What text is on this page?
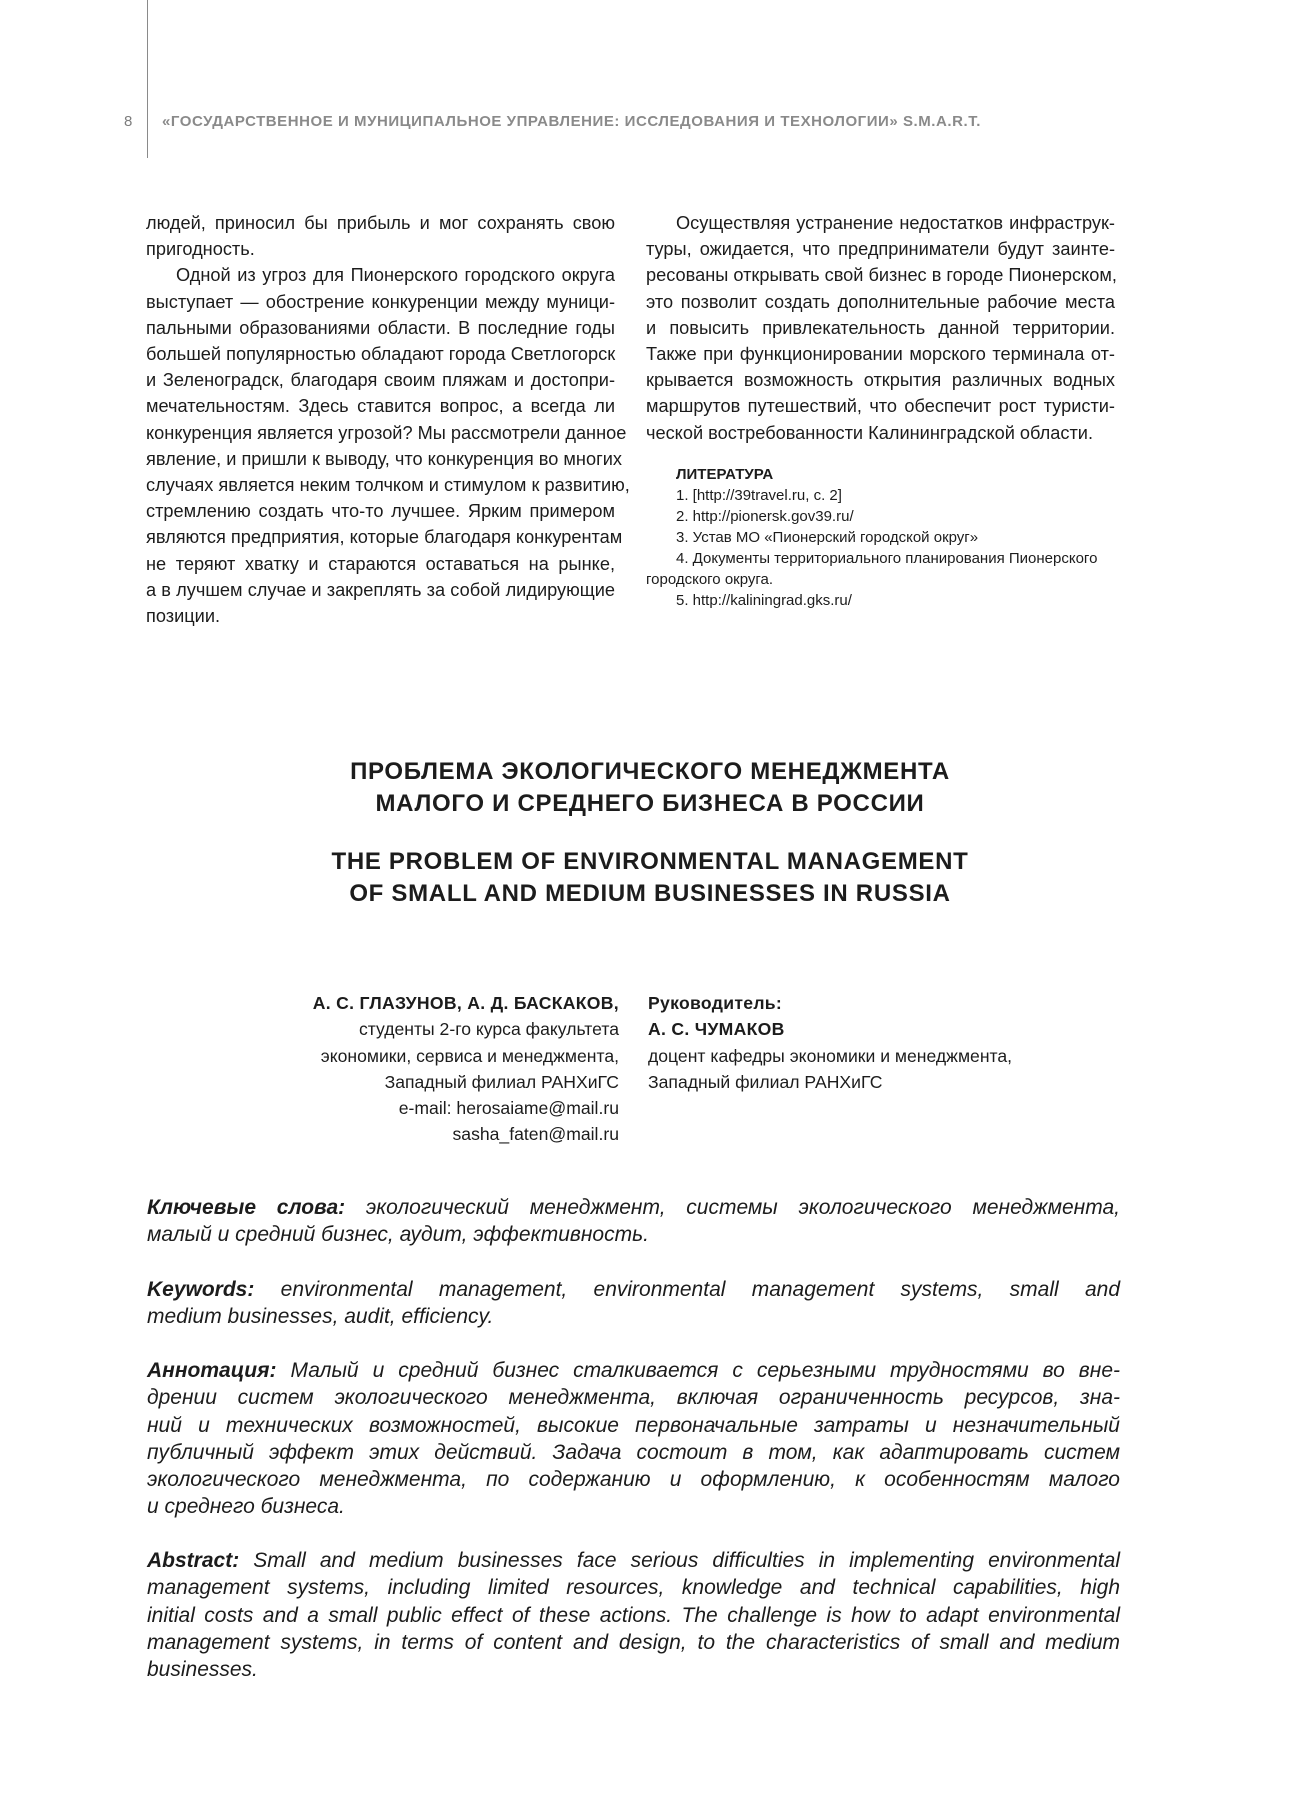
8 «ГОСУДАРСТВЕННОЕ И МУНИЦИПАЛЬНОЕ УПРАВЛЕНИЕ: ИССЛЕДОВАНИЯ И ТЕХНОЛОГИИ» S.M.A.R.T.

людей, приносил бы прибыль и мог сохранять свою
пригодность.

Одной из угроз для Пионерского городского округа
выступает — обострение конкуренции между муници-
пальными образованиями области. В последние годы
большей популярностью обладают города Светлогорск
и Зеленоградск, благодаря своим пляжам и достопри-
мечательностям. Здесь ставится вопрос, а всегда ли
конкуренция является угрозой? Мы рассмотрели данное
явление, и пришли к выводу, что конкуренция во многих
случаях является неким толчком и стимулом к развитию,
стремлению создать что-то лучшее. Ярким примером
являются предприятия, которые благодаря конкурентам
не теряют хватку и стараются оставаться на рынке,
а в лучшем случае и закреплять за собой лидирующие
позиции.

Осуществляя устранение недостатков инфраструк-
туры, ожидается, что предприниматели будут заинте-
ресованы открывать свой бизнес в городе Пионерском,
это позволит создать дополнительные рабочие места
и повысить привлекательность данной территории.
Также при функционировании морского терминала от-
крывается возможность открытия различных водных
маршрутов путешествий, что обеспечит рост туристи-
ческой востребованности Калининградской области.

ЛИТЕРАТУРА
1. [http://39travel.ru, с. 2]
2. http://pionersk.gov39.ru/
3. Устав МО «Пионерский городской округ»
4. Документы территориального планирования Пионерского
городского округа.
5. http://kaliningrad.gks.ru/
ПРОБЛЕМА ЭКОЛОГИЧЕСКОГО МЕНЕДЖМЕНТА
МАЛОГО И СРЕДНЕГО БИЗНЕСА В РОССИИ
THE PROBLEM OF ENVIRONMENTAL MANAGEMENT
OF SMALL AND MEDIUM BUSINESSES IN RUSSIA
А. С. ГЛАЗУНОВ, А. Д. БАСКАКОВ,
студенты 2-го курса факультета
экономики, сервиса и менеджмента,
Западный филиал РАНХиГС
e-mail: herosaiame@mail.ru
sasha_faten@mail.ru
Руководитель:
А. С. ЧУМАКОВ
доцент кафедры экономики и менеджмента,
Западный филиал РАНХиГС
Ключевые слова: экологический менеджмент, системы экологического менеджмента,
малый и средний бизнес, аудит, эффективность.
Keywords: environmental management, environmental management systems, small and
medium businesses, audit, efficiency.
Аннотация: Малый и средний бизнес сталкивается с серьезными трудностями во вне-
дрении систем экологического менеджмента, включая ограниченность ресурсов, зна-
ний и технических возможностей, высокие первоначальные затраты и незначительный
публичный эффект этих действий. Задача состоит в том, как адаптировать систем
экологического менеджмента, по содержанию и оформлению, к особенностям малого
и среднего бизнеса.
Abstract: Small and medium businesses face serious difficulties in implementing environmental
management systems, including limited resources, knowledge and technical capabilities, high
initial costs and a small public effect of these actions. The challenge is how to adapt environmental
management systems, in terms of content and design, to the characteristics of small and medium
businesses.
